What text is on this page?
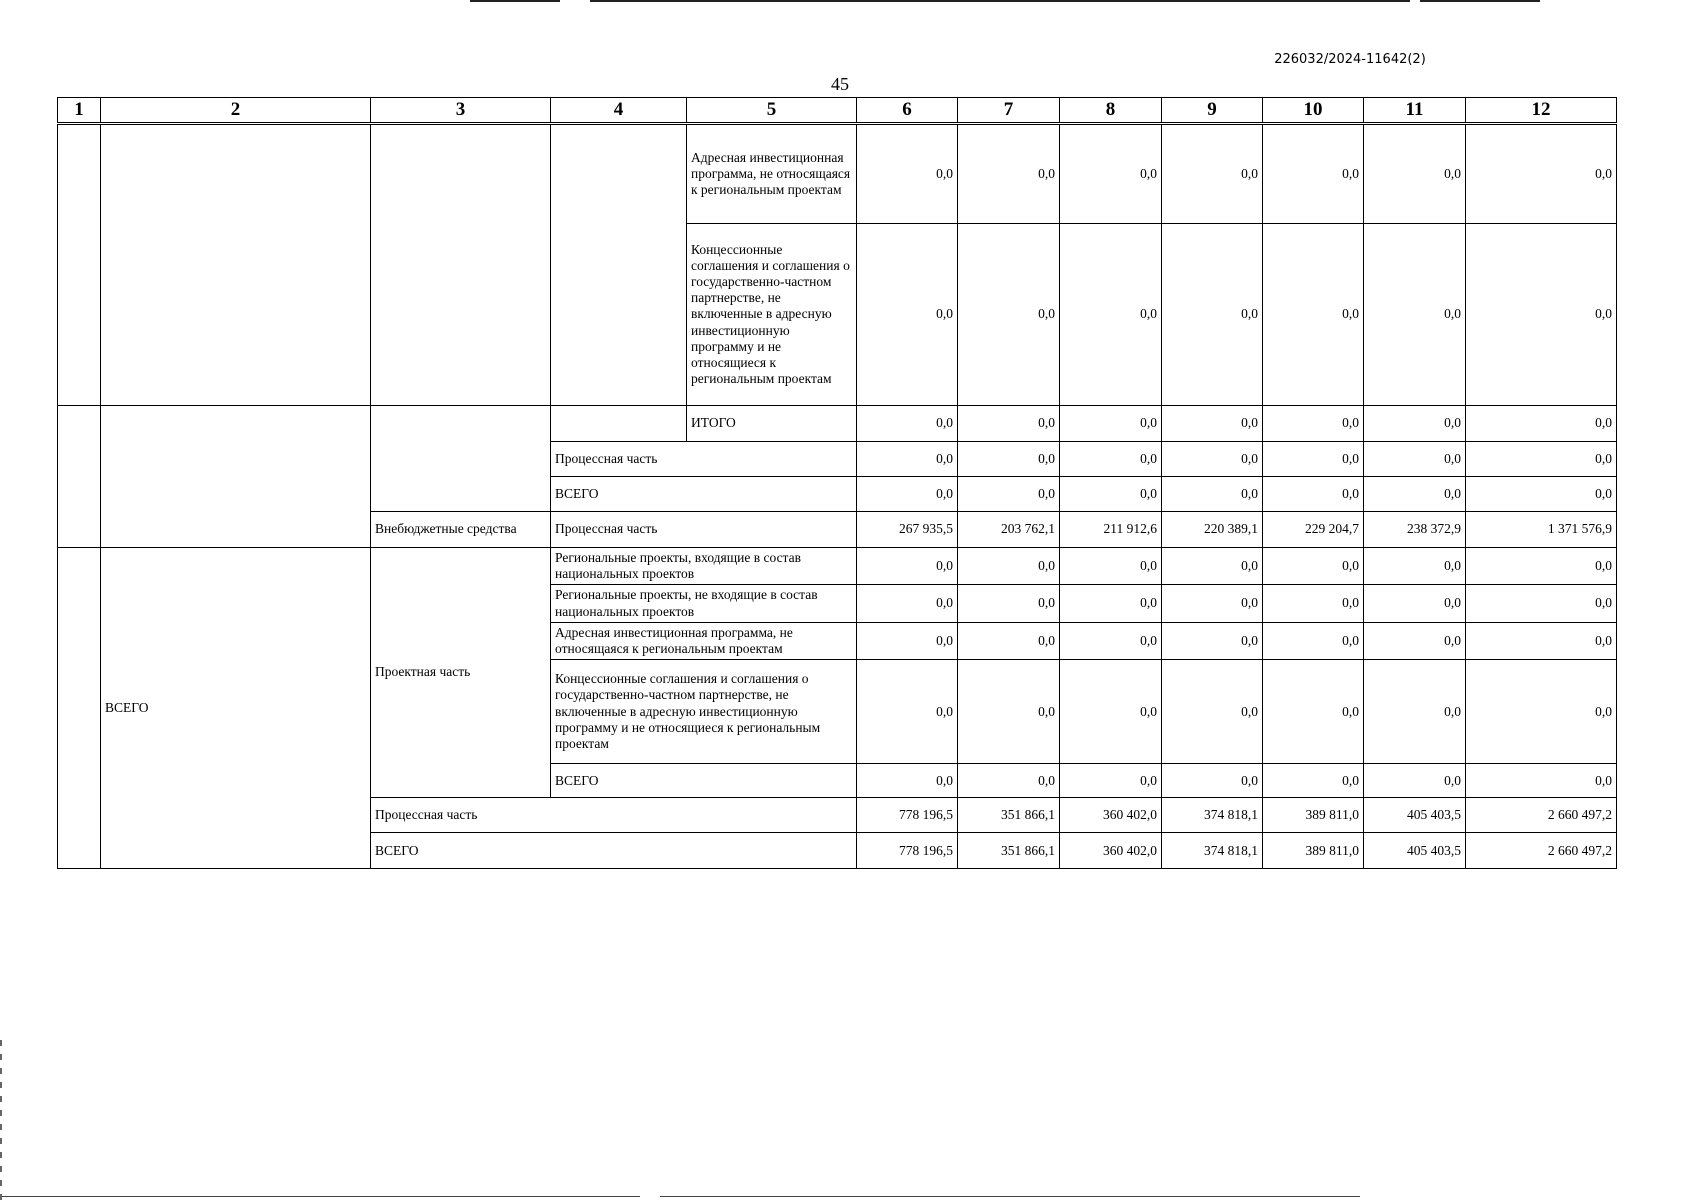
226032/2024-11642(2)
45
1	2	3	4	5	6	7	8	9	10	11	12
				Адресная инвестиционная программа, не относящаяся к региональным проектам	0,0	0,0	0,0	0,0	0,0	0,0	0,0
				Концессионные соглашения и соглашения о государственно-частном партнерстве, не включенные в адресную инвестиционную программу и не относящиеся к региональным проектам	0,0	0,0	0,0	0,0	0,0	0,0	0,0
				ИТОГО	0,0	0,0	0,0	0,0	0,0	0,0	0,0
			Процессная часть		0,0	0,0	0,0	0,0	0,0	0,0	0,0
			ВСЕГО		0,0	0,0	0,0	0,0	0,0	0,0	0,0
		Внебюджетные средства	Процессная часть		267 935,5	203 762,1	211 912,6	220 389,1	229 204,7	238 372,9	1 371 576,9
	ВСЕГО	Проектная часть	Региональные проекты, входящие в состав национальных проектов		0,0	0,0	0,0	0,0	0,0	0,0	0,0
			Региональные проекты, не входящие в состав национальных проектов		0,0	0,0	0,0	0,0	0,0	0,0	0,0
			Адресная инвестиционная программа, не относящаяся к региональным проектам		0,0	0,0	0,0	0,0	0,0	0,0	0,0
			Концессионные соглашения и соглашения о государственно-частном партнерстве, не включенные в адресную инвестиционную программу и не относящиеся к региональным проектам		0,0	0,0	0,0	0,0	0,0	0,0	0,0
			ВСЕГО		0,0	0,0	0,0	0,0	0,0	0,0	0,0
		Процессная часть			778 196,5	351 866,1	360 402,0	374 818,1	389 811,0	405 403,5	2 660 497,2
		ВСЕГО			778 196,5	351 866,1	360 402,0	374 818,1	389 811,0	405 403,5	2 660 497,2
